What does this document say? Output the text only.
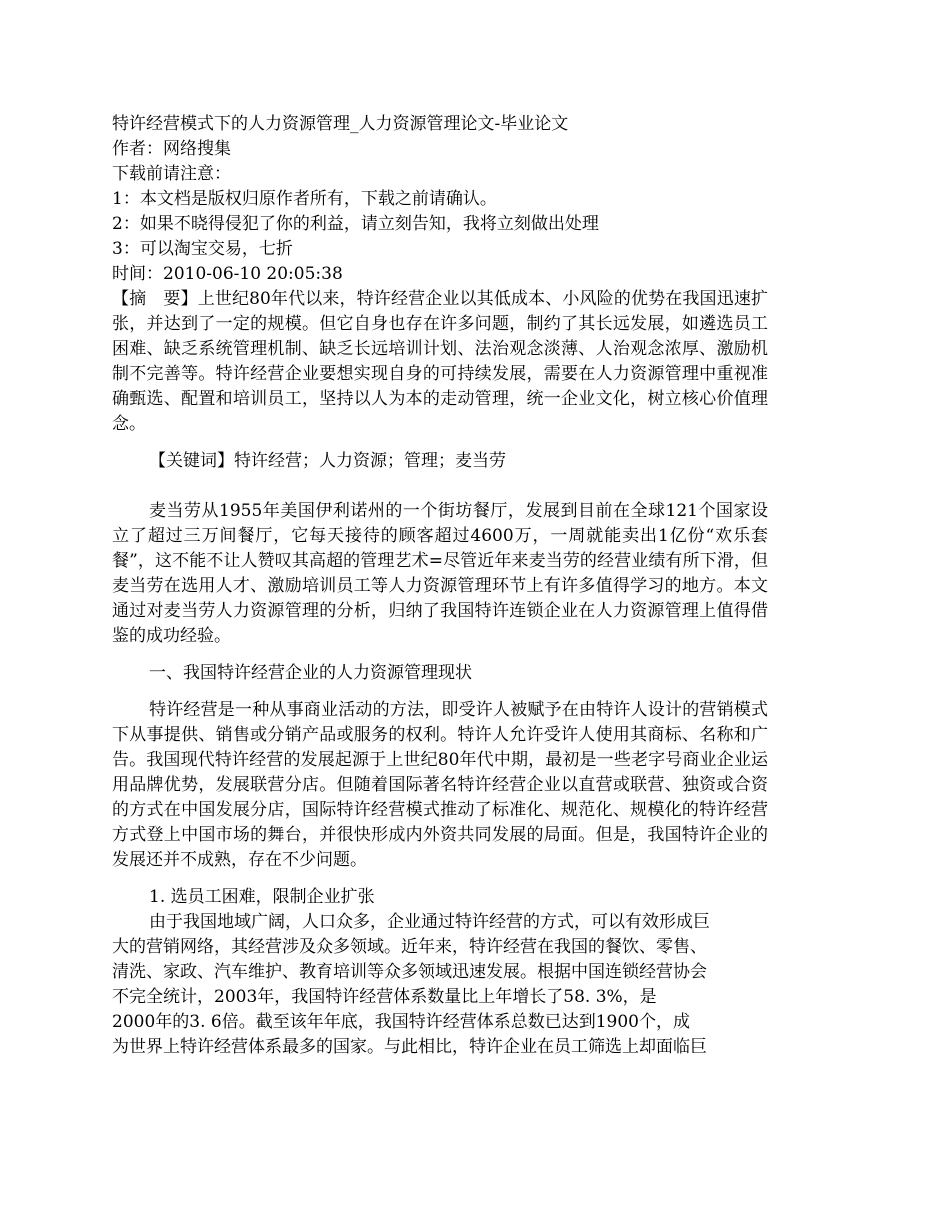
特许经营模式下的人力资源管理_人力资源管理论文-毕业论文
作者：网络搜集
下载前请注意：
1：本文档是版权归原作者所有，下载之前请确认。
2：如果不晓得侵犯了你的利益，请立刻告知，我将立刻做出处理
3：可以淘宝交易，七折
时间：2010-06-10 20:05:38

【摘　要】上世纪80年代以来，特许经营企业以其低成本、小风险的优势在我国迅速扩张，并达到了一定的规模。但它自身也存在许多问题，制约了其长远发展，如遴选员工困难、缺乏系统管理机制、缺乏长远培训计划、法治观念淡薄、人治观念浓厚、激励机制不完善等。特许经营企业要想实现自身的可持续发展，需要在人力资源管理中重视准确甄选、配置和培训员工，坚持以人为本的走动管理，统一企业文化，树立核心价值理念。

【关键词】特许经营；人力资源；管理；麦当劳

麦当劳从1955年美国伊利诺州的一个街坊餐厅，发展到目前在全球121个国家设立了超过三万间餐厅，它每天接待的顾客超过4600万，一周就能卖出1亿份“欢乐套餐”，这不能不让人赞叹其高超的管理艺术=尽管近年来麦当劳的经营业绩有所下滑，但麦当劳在选用人才、激励培训员工等人力资源管理环节上有许多值得学习的地方。本文通过对麦当劳人力资源管理的分析，归纳了我国特许连锁企业在人力资源管理上值得借鉴的成功经验。

一、我国特许经营企业的人力资源管理现状

特许经营是一种从事商业活动的方法，即受许人被赋予在由特许人设计的营销模式下从事提供、销售或分销产品或服务的权利。特许人允许受许人使用其商标、名称和广告。我国现代特许经营的发展起源于上世纪80年代中期，最初是一些老字号商业企业运用品牌优势，发展联营分店。但随着国际著名特许经营企业以直营或联营、独资或合资的方式在中国发展分店，国际特许经营模式推动了标准化、规范化、规模化的特许经营方式登上中国市场的舞台，并很快形成内外资共同发展的局面。但是，我国特许企业的发展还并不成熟，存在不少问题。

1. 选员工困难，限制企业扩张

由于我国地域广阔，人口众多，企业通过特许经营的方式，可以有效形成巨
大的营销网络，其经营涉及众多领域。近年来，特许经营在我国的餐饮、零售、
清洗、家政、汽车维护、教育培训等众多领域迅速发展。根据中国连锁经营协会
不完全统计，2003年，我国特许经营体系数量比上年增长了58. 3%，是
2000年的3. 6倍。截至该年年底，我国特许经营体系总数已达到1900个，成
为世界上特许经营体系最多的国家。与此相比，特许企业在员工筛选上却面临巨
